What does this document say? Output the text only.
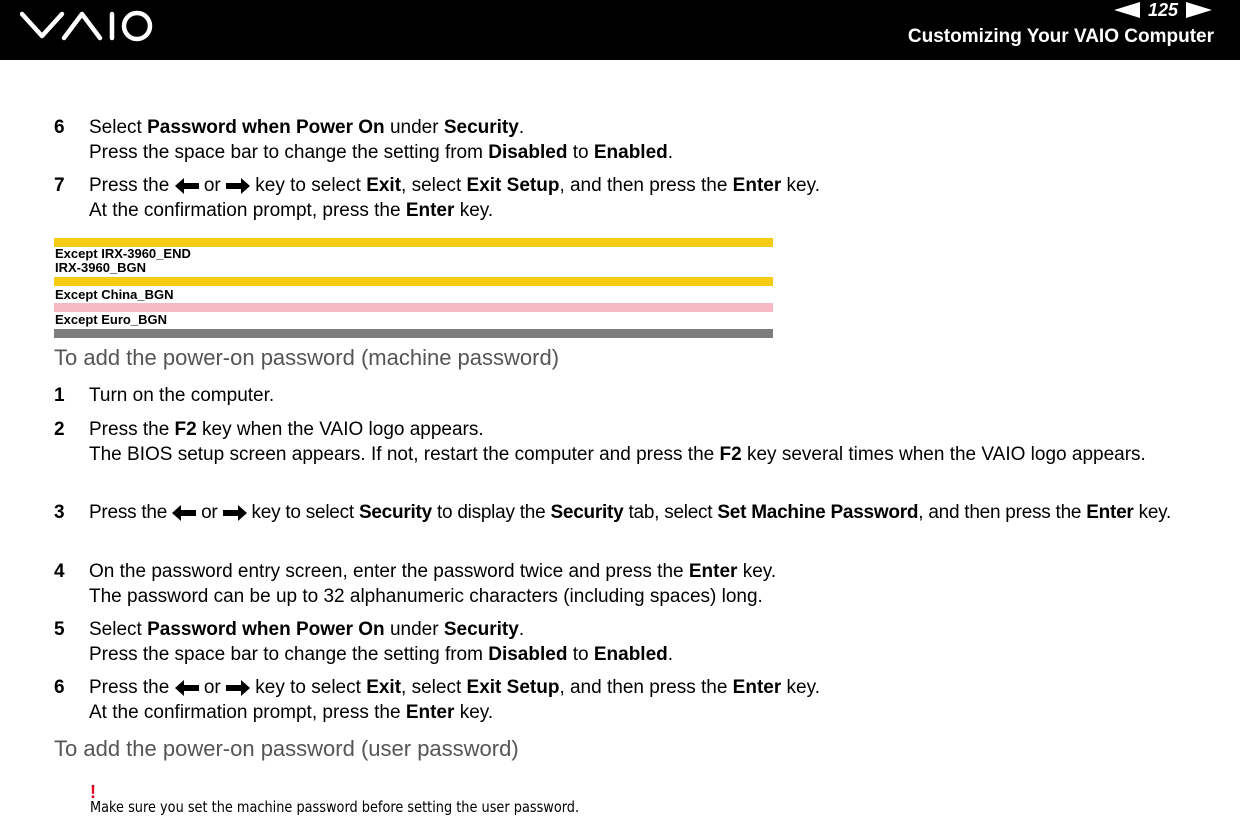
125
Customizing Your VAIO Computer
6 Select Password when Power On under Security.

Press the space bar to change the setting from Disabled to Enabled.

7 Press the or key to select Exit, select Exit Setup, and then press the Enter key.

At the confirmation prompt, press the Enter key.

Except IRX-3960_END
IRX-3960_BGN
Except China_BGN
Except Euro_BGN
To add the power-on password (machine password)
1 Turn on the computer.

2 Press the F2 key when the VAIO logo appears.

The BIOS setup screen appears. If not, restart the computer and press the F2 key several times when the VAIO logo appears.

3 Press the or key to select Security to display the Security tab, select Set Machine Password, and then press the Enter key.

4 On the password entry screen, enter the password twice and press the Enter key.

The password can be up to 32 alphanumeric characters (including spaces) long.

5 Select Password when Power On under Security.

Press the space bar to change the setting from Disabled to Enabled.

6 Press the or key to select Exit, select Exit Setup, and then press the Enter key.

At the confirmation prompt, press the Enter key.

To add the power-on password (user password)
!
Make sure you set the machine password before setting the user password.
